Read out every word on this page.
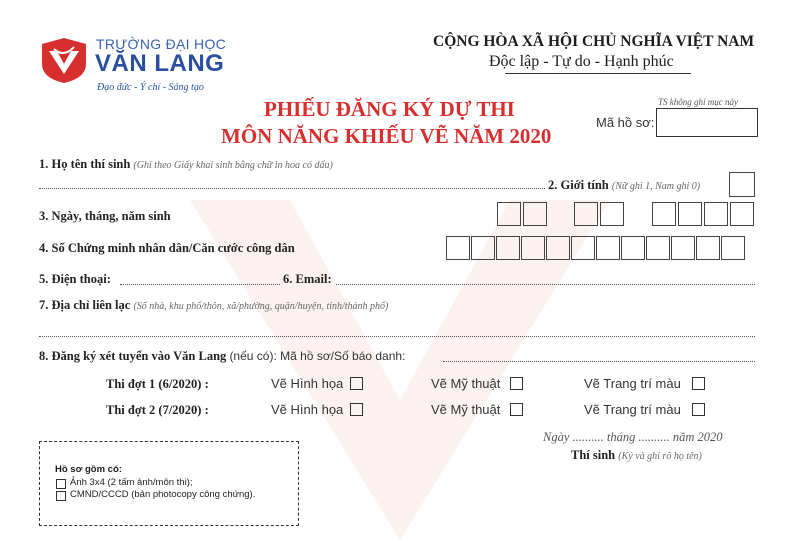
TRƯỜNG ĐẠI HỌC
VĂN LANG
Đạo đức - Ý chí - Sáng tạo
CỘNG HÒA XÃ HỘI CHỦ NGHĨA VIỆT NAM
Độc lập - Tự do - Hạnh phúc
PHIẾU ĐĂNG KÝ DỰ THI
MÔN NĂNG KHIẾU VẼ NĂM 2020
TS không ghi mục này
Mã hồ sơ:
1. Họ tên thí sinh (Ghi theo Giấy khai sinh bằng chữ in hoa có dấu)
2. Giới tính (Nữ ghi 1, Nam ghi 0)
3. Ngày, tháng, năm sinh
4. Số Chứng minh nhân dân/Căn cước công dân
5. Điện thoại:	6. Email:
7. Địa chỉ liên lạc (Số nhà, khu phố/thôn, xã/phường, quận/huyện, tỉnh/thành phố)
8. Đăng ký xét tuyển vào Văn Lang (nếu có): Mã hồ sơ/Số báo danh:
Thi đợt 1 (6/2020) :	Vẽ Hình họa	Vẽ Mỹ thuật	Vẽ Trang trí màu
Thi đợt 2 (7/2020) :	Vẽ Hình họa	Vẽ Mỹ thuật	Vẽ Trang trí màu
Ngày .......... tháng .......... năm 2020
Thí sinh (Ký và ghi rõ họ tên)
Hồ sơ gồm có:
Ảnh 3x4 (2 tấm ảnh/môn thi);
CMND/CCCD (bản photocopy công chứng).
